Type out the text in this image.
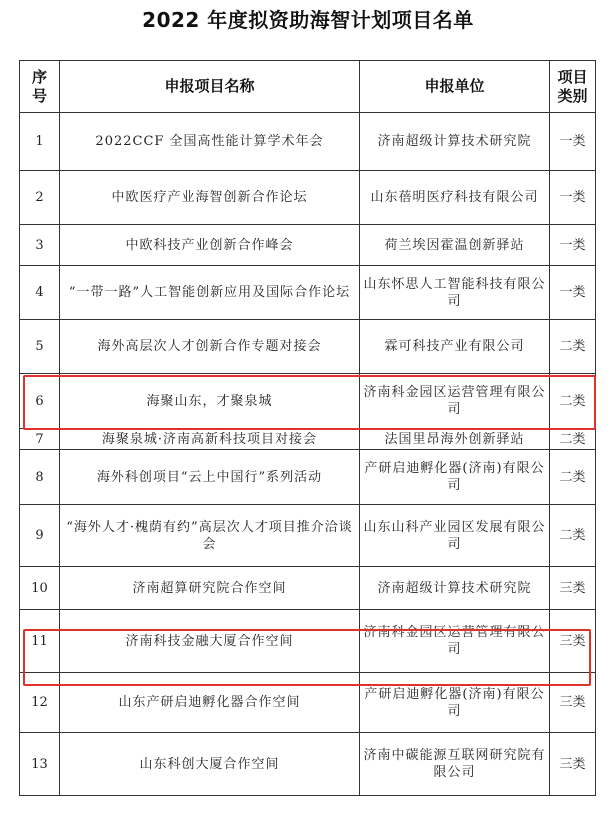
2022 年度拟资助海智计划项目名单
序号	申报项目名称	申报单位	项目类别
1	2022CCF 全国高性能计算学术年会	济南超级计算技术研究院	一类
2	中欧医疗产业海智创新合作论坛	山东蓓明医疗科技有限公司	一类
3	中欧科技产业创新合作峰会	荷兰埃因霍温创新驿站	一类
4	“一带一路”人工智能创新应用及国际合作论坛	山东怀思人工智能科技有限公司	一类
5	海外高层次人才创新合作专题对接会	霖可科技产业有限公司	二类
6	海聚山东，才聚泉城	济南科金园区运营管理有限公司	二类
7	海聚泉城·济南高新科技项目对接会	法国里昂海外创新驿站	二类
8	海外科创项目“云上中国行”系列活动	产研启迪孵化器(济南)有限公司	二类
9	“海外人才·槐荫有约”高层次人才项目推介洽谈会	山东山科产业园区发展有限公司	二类
10	济南超算研究院合作空间	济南超级计算技术研究院	三类
11	济南科技金融大厦合作空间	济南科金园区运营管理有限公司	三类
12	山东产研启迪孵化器合作空间	产研启迪孵化器(济南)有限公司	三类
13	山东科创大厦合作空间	济南中碳能源互联网研究院有限公司	三类
